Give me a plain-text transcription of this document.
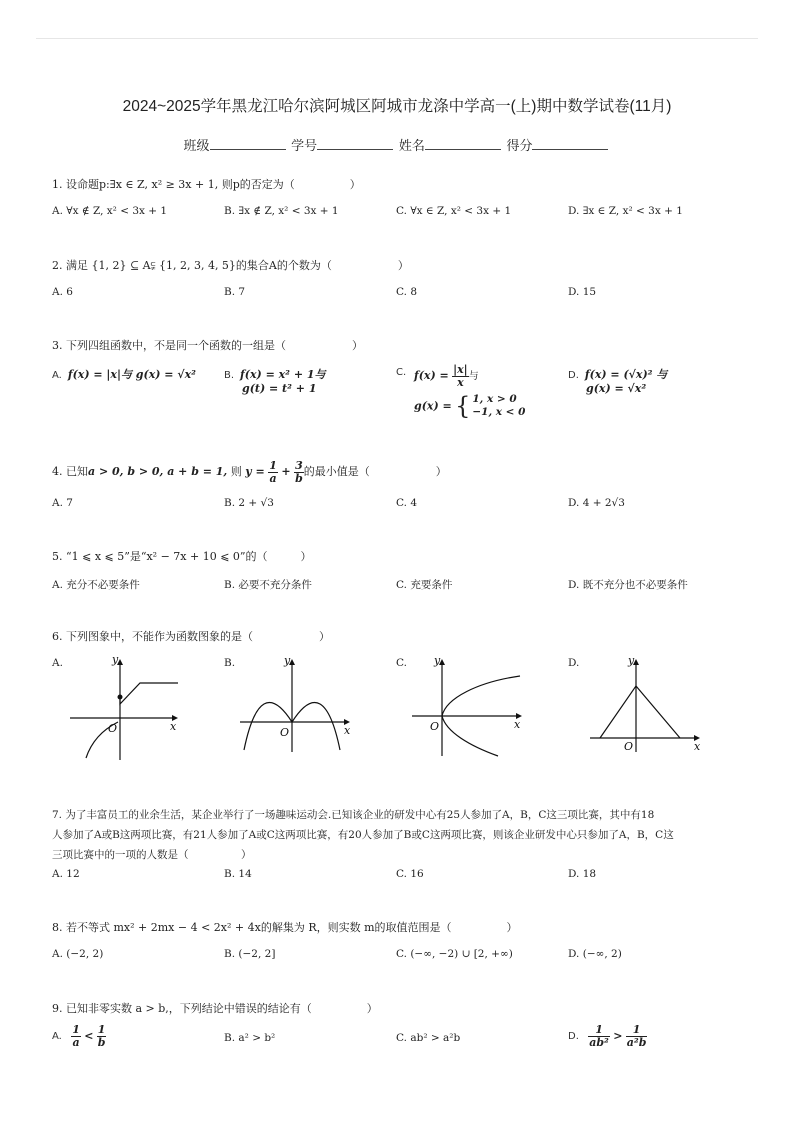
2024~2025学年黑龙江哈尔滨阿城区阿城市龙涤中学高一(上)期中数学试卷(11月)
班级	学号	姓名	得分
1. 设命题p:∃x ∈ Z, x² ≥ 3x + 1, 则p的否定为（　　　　　）
A. ∀x ∉ Z, x² < 3x + 1	B. ∃x ∉ Z, x² < 3x + 1	C. ∀x ∈ Z, x² < 3x + 1	D. ∃x ∈ Z, x² < 3x + 1
2. 满足 {1, 2} ⊆ A⫋ {1, 2, 3, 4, 5}的集合A的个数为（　　　　　　）
A. 6	B. 7	C. 8	D. 15
3. 下列四组函数中，不是同一个函数的一组是（　　　　　　）
A. f(x) = |x|与 g(x) = √x²	B. f(x) = x² + 1与
g(t) = t² + 1
C. $f(x) = \frac{|x|}{x}$ 与
g(x) = { 1, x > 0
−1, x < 0
D. f(x) = (√x)² 与
g(x) = √x²
4. 已知a > 0, b > 0, a + b = 1, 则 $y = \frac{1}{a} + \frac{3}{b}$ 的最小值是（　　　　　　）
A. 7	B. 2 + √3	C. 4	D. 4 + 2√3
5. “1 ⩽ x ⩽ 5”是“x² − 7x + 10 ⩽ 0”的（　　　）
A. 充分不必要条件	B. 必要不充分条件	C. 充要条件	D. 既不充分也不必要条件
6. 下列图象中，不能作为函数图象的是（　　　　　　）
A.	B.	C.	D.
y
x
O
y
x
O
y
x
O
y
x
O
7. 为了丰富员工的业余生活，某企业举行了一场趣味运动会.已知该企业的研发中心有25人参加了A，B，C这三项比赛，其中有18
人参加了A或B这两项比赛，有21人参加了A或C这两项比赛，有20人参加了B或C这两项比赛，则该企业研发中心只参加了A，B，C这
三项比赛中的一项的人数是（　　　　　）
A. 12	B. 14	C. 16	D. 18
8. 若不等式 mx² + 2mx − 4 < 2x² + 4x的解集为 R，则实数 m的取值范围是（　　　　　）
A. (−2, 2)	B. (−2, 2]	C. (−∞, −2) ∪ [2, +∞)	D. (−∞, 2)
9. 已知非零实数 a > b,，下列结论中错误的结论有（　　　　　）
A. $\frac{1}{a} < \frac{1}{b}$	B. a² > b²	C. ab² > a²b	D. $\frac{1}{\text{ab²}} > \frac{1}{\text{a²b}}$
